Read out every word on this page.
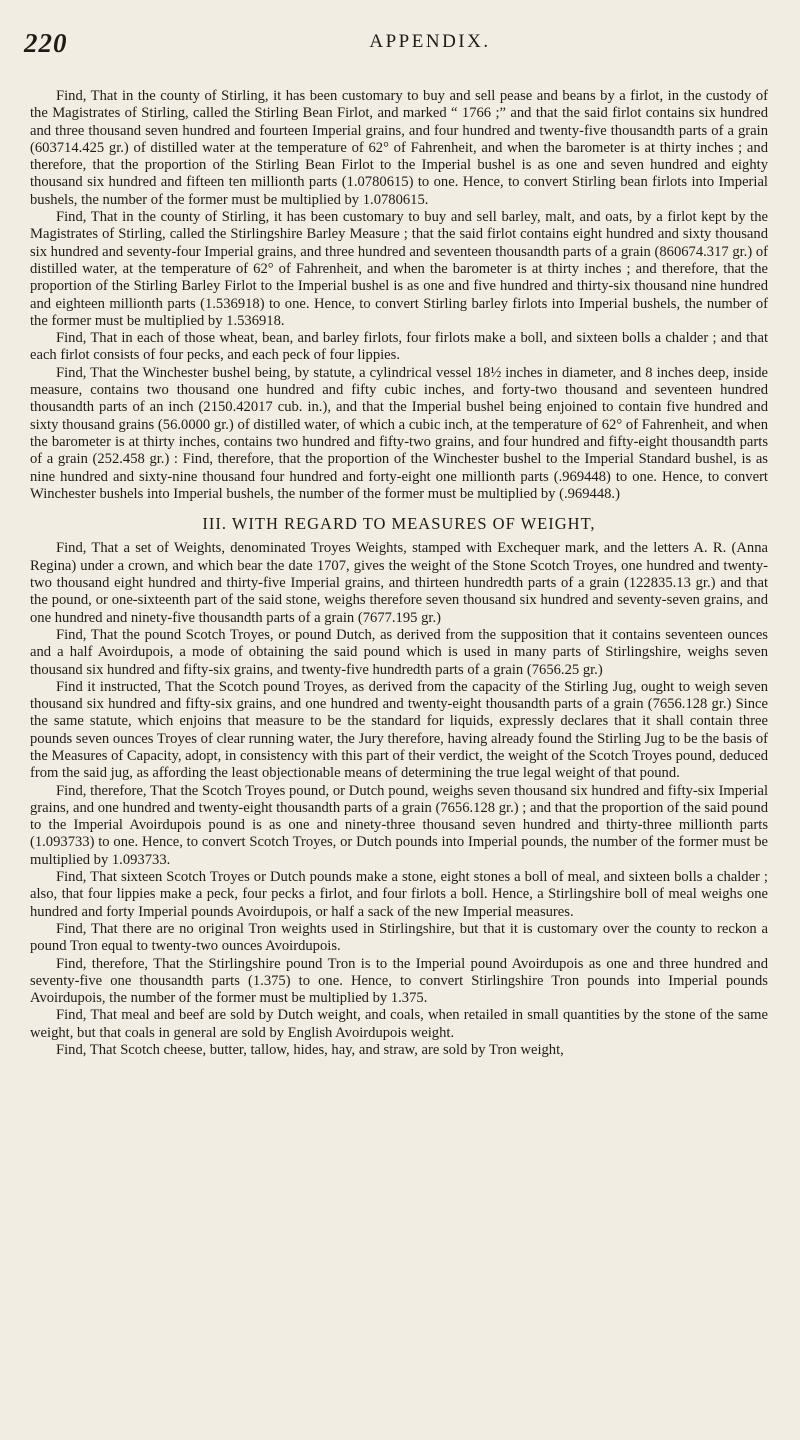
220	APPENDIX.

Find, That in the county of Stirling, it has been customary to buy and sell pease and beans by a firlot, in the custody of the Magistrates of Stirling, called the Stirling Bean Firlot, and marked “ 1766 ;” and that the said firlot contains six hundred and three thousand seven hundred and fourteen Imperial grains, and four hundred and twenty-five thousandth parts of a grain (603714.425 gr.) of distilled water at the temperature of 62° of Fahrenheit, and when the barometer is at thirty inches ; and therefore, that the proportion of the Stirling Bean Firlot to the Imperial bushel is as one and seven hundred and eighty thousand six hundred and fifteen ten millionth parts (1.0780615) to one. Hence, to convert Stirling bean firlots into Imperial bushels, the number of the former must be multiplied by 1.0780615.

Find, That in the county of Stirling, it has been customary to buy and sell barley, malt, and oats, by a firlot kept by the Magistrates of Stirling, called the Stirlingshire Barley Measure ; that the said firlot contains eight hundred and sixty thousand six hundred and seventy-four Imperial grains, and three hundred and seventeen thousandth parts of a grain (860674.317 gr.) of distilled water, at the temperature of 62° of Fahrenheit, and when the barometer is at thirty inches ; and therefore, that the proportion of the Stirling Barley Firlot to the Imperial bushel is as one and five hundred and thirty-six thousand nine hundred and eighteen millionth parts (1.536918) to one. Hence, to convert Stirling barley firlots into Imperial bushels, the number of the former must be multiplied by 1.536918.

Find, That in each of those wheat, bean, and barley firlots, four firlots make a boll, and sixteen bolls a chalder ; and that each firlot consists of four pecks, and each peck of four lippies.

Find, That the Winchester bushel being, by statute, a cylindrical vessel 18½ inches in diameter, and 8 inches deep, inside measure, contains two thousand one hundred and fifty cubic inches, and forty-two thousand and seventeen hundred thousandth parts of an inch (2150.42017 cub. in.), and that the Imperial bushel being enjoined to contain five hundred and sixty thousand grains (56.0000 gr.) of distilled water, of which a cubic inch, at the temperature of 62° of Fahrenheit, and when the barometer is at thirty inches, contains two hundred and fifty-two grains, and four hundred and fifty-eight thousandth parts of a grain (252.458 gr.) : Find, therefore, that the proportion of the Winchester bushel to the Imperial Standard bushel, is as nine hundred and sixty-nine thousand four hundred and forty-eight one millionth parts (.969448) to one. Hence, to convert Winchester bushels into Imperial bushels, the number of the former must be multiplied by (.969448.)

III. WITH REGARD TO MEASURES OF WEIGHT,

Find, That a set of Weights, denominated Troyes Weights, stamped with Exchequer mark, and the letters A. R. (Anna Regina) under a crown, and which bear the date 1707, gives the weight of the Stone Scotch Troyes, one hundred and twenty-two thousand eight hundred and thirty-five Imperial grains, and thirteen hundredth parts of a grain (122835.13 gr.) and that the pound, or one-sixteenth part of the said stone, weighs therefore seven thousand six hundred and seventy-seven grains, and one hundred and ninety-five thousandth parts of a grain (7677.195 gr.)

Find, That the pound Scotch Troyes, or pound Dutch, as derived from the supposition that it contains seventeen ounces and a half Avoirdupois, a mode of obtaining the said pound which is used in many parts of Stirlingshire, weighs seven thousand six hundred and fifty-six grains, and twenty-five hundredth parts of a grain (7656.25 gr.)

Find it instructed, That the Scotch pound Troyes, as derived from the capacity of the Stirling Jug, ought to weigh seven thousand six hundred and fifty-six grains, and one hundred and twenty-eight thousandth parts of a grain (7656.128 gr.) Since the same statute, which enjoins that measure to be the standard for liquids, expressly declares that it shall contain three pounds seven ounces Troyes of clear running water, the Jury therefore, having already found the Stirling Jug to be the basis of the Measures of Capacity, adopt, in consistency with this part of their verdict, the weight of the Scotch Troyes pound, deduced from the said jug, as affording the least objectionable means of determining the true legal weight of that pound.

Find, therefore, That the Scotch Troyes pound, or Dutch pound, weighs seven thousand six hundred and fifty-six Imperial grains, and one hundred and twenty-eight thousandth parts of a grain (7656.128 gr.) ; and that the proportion of the said pound to the Imperial Avoirdupois pound is as one and ninety-three thousand seven hundred and thirty-three millionth parts (1.093733) to one. Hence, to convert Scotch Troyes, or Dutch pounds into Imperial pounds, the number of the former must be multiplied by 1.093733.

Find, That sixteen Scotch Troyes or Dutch pounds make a stone, eight stones a boll of meal, and sixteen bolls a chalder ; also, that four lippies make a peck, four pecks a firlot, and four firlots a boll. Hence, a Stirlingshire boll of meal weighs one hundred and forty Imperial pounds Avoirdupois, or half a sack of the new Imperial measures.

Find, That there are no original Tron weights used in Stirlingshire, but that it is customary over the county to reckon a pound Tron equal to twenty-two ounces Avoirdupois.

Find, therefore, That the Stirlingshire pound Tron is to the Imperial pound Avoirdupois as one and three hundred and seventy-five one thousandth parts (1.375) to one. Hence, to convert Stirlingshire Tron pounds into Imperial pounds Avoirdupois, the number of the former must be multiplied by 1.375.

Find, That meal and beef are sold by Dutch weight, and coals, when retailed in small quantities by the stone of the same weight, but that coals in general are sold by English Avoirdupois weight.

Find, That Scotch cheese, butter, tallow, hides, hay, and straw, are sold by Tron weight,
